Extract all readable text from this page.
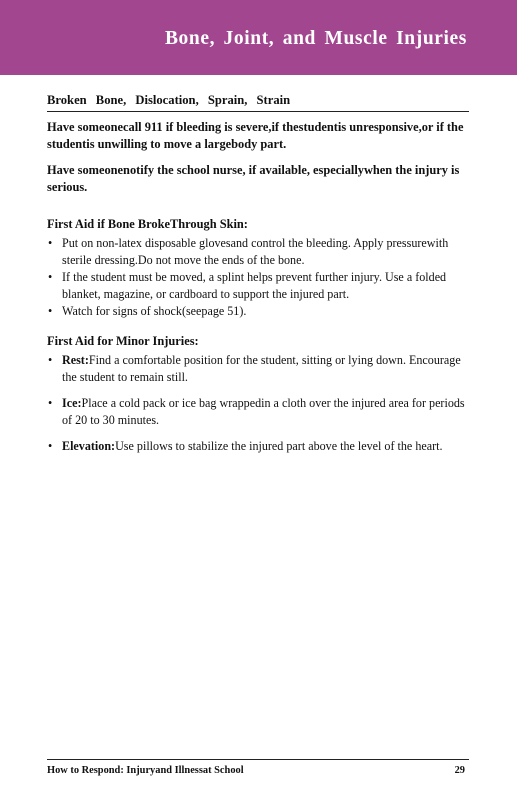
Bone, Joint, and Muscle Injuries
Broken Bone, Dislocation, Sprain, Strain

Have someonecall 911 if bleeding is severe,if thestudentis unresponsive,or if the studentis unwilling to move a largebody part.

Have someonenotify the school nurse, if available, especiallywhen the injury is serious.

First Aid if Bone BrokeThrough Skin:
• Put on non-latex disposable glovesand control the bleeding. Apply pressurewith sterile dressing.Do not move the ends of the bone.
• If the student must be moved, a splint helps prevent further injury. Use a folded blanket, magazine, or cardboard to support the injured part.
• Watch for signs of shock(seepage 51).
First Aid for Minor Injuries:
• Rest:Find a comfortable position for the student, sitting or lying down. Encourage the student to remain still.
• Ice:Place a cold pack or ice bag wrappedin a cloth over the injured area for periods of 20 to 30 minutes.
• Elevation:Use pillows to stabilize the injured part above the level of the heart.
How to Respond: Injuryand Illnessat School	29
